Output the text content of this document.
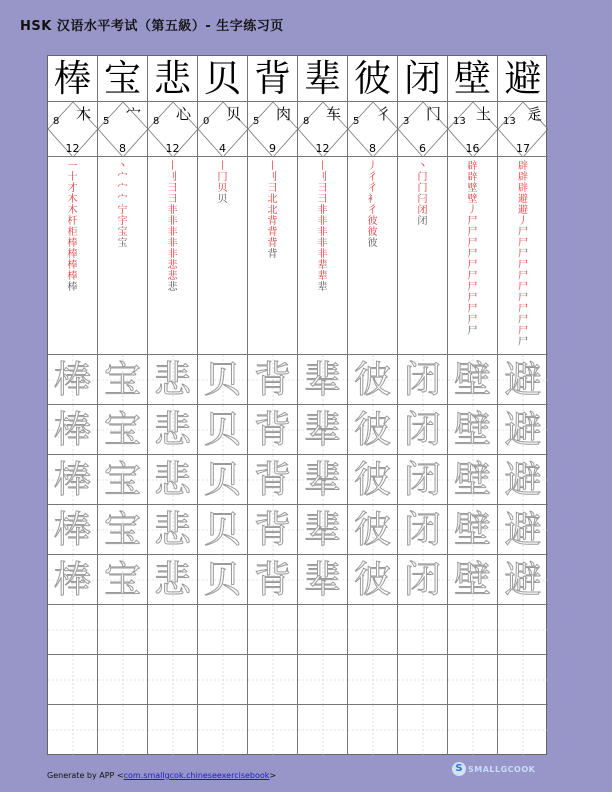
HSK 汉语水平考试（第五級）- 生字练习页
棒 宝 悲 贝 背 辈 彼 闭 壁 避
木
8
12
宀
5
8
心
8
12
贝
0
4
肉
5
9
车
8
12
彳
5
8
门
3
6
土
13
16
辵
13
17
一
十
才
木
木
杆
柜
棒
棒
棒
棒
棒
丶
宀
宀
宀
宁
宇
宝
宝
丨
刂
彐
彐
非
非
非
非
非
悲
悲
悲
丨
冂
贝
贝
丨
刂
彐
北
北
背
背
背
背
丨
刂
彐
彐
非
非
非
非
非
辈
辈
辈
丿
彳
彳
衤
彳
彼
彼
彼
丶
门
门
闩
闭
闭
辟
辟
壁
壁
丿
尸
尸
尸
尸
尸
尸
尸
尸
尸
尸
尸
辟
辟
辟
避
避
丿
尸
尸
尸
尸
尸
尸
尸
尸
尸
尸
尸
棒 宝 悲 贝 背 辈 彼 闭 壁 避
棒 宝 悲 贝 背 辈 彼 闭 壁 避
棒 宝 悲 贝 背 辈 彼 闭 壁 避
棒 宝 悲 贝 背 辈 彼 闭 壁 避
棒 宝 悲 贝 背 辈 彼 闭 壁 避
Generate by APP <com.smallgcok.chineseexercisebook>
S SMALLGCOOK
